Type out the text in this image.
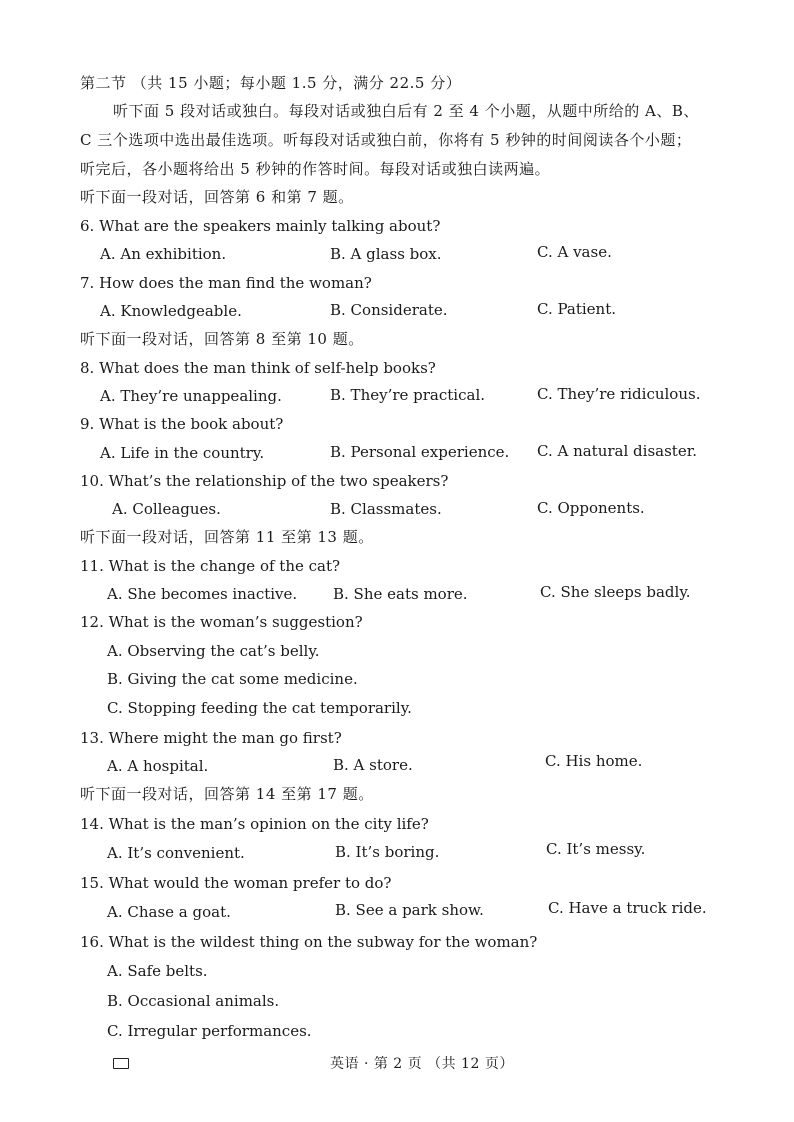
第二节 （共 15 小题；每小题 1.5 分，满分 22.5 分）
听下面 5 段对话或独白。每段对话或独白后有 2 至 4 个小题，从题中所给的 A、B、
C 三个选项中选出最佳选项。听每段对话或独白前，你将有 5 秒钟的时间阅读各个小题；
听完后，各小题将给出 5 秒钟的作答时间。每段对话或独白读两遍。
听下面一段对话，回答第 6 和第 7 题。
6. What are the speakers mainly talking about?
A. An exhibition.	B. A glass box.	C. A vase.
7. How does the man find the woman?
A. Knowledgeable.	B. Considerate.	C. Patient.
听下面一段对话，回答第 8 至第 10 题。
8. What does the man think of self-help books?
A. They’re unappealing.	B. They’re practical.	C. They’re ridiculous.
9. What is the book about?
A. Life in the country.	B. Personal experience. C. A natural disaster.
10. What’s the relationship of the two speakers?
A. Colleagues.	B. Classmates.	C. Opponents.
听下面一段对话，回答第 11 至第 13 题。
11. What is the change of the cat?
A. She becomes inactive. B. She eats more.	C. She sleeps badly.
12. What is the woman’s suggestion?
A. Observing the cat’s belly.
B. Giving the cat some medicine.
C. Stopping feeding the cat temporarily.
13. Where might the man go first?
A. A hospital.	B. A store.	C. His home.
听下面一段对话，回答第 14 至第 17 题。
14. What is the man’s opinion on the city life?
A. It’s convenient.	B. It’s boring.	C. It’s messy.
15. What would the woman prefer to do?
A. Chase a goat.	B. See a park show.	C. Have a truck ride.
16. What is the wildest thing on the subway for the woman?
A. Safe belts.
B. Occasional animals.
C. Irregular performances.
英语 · 第 2 页 （共 12 页）
